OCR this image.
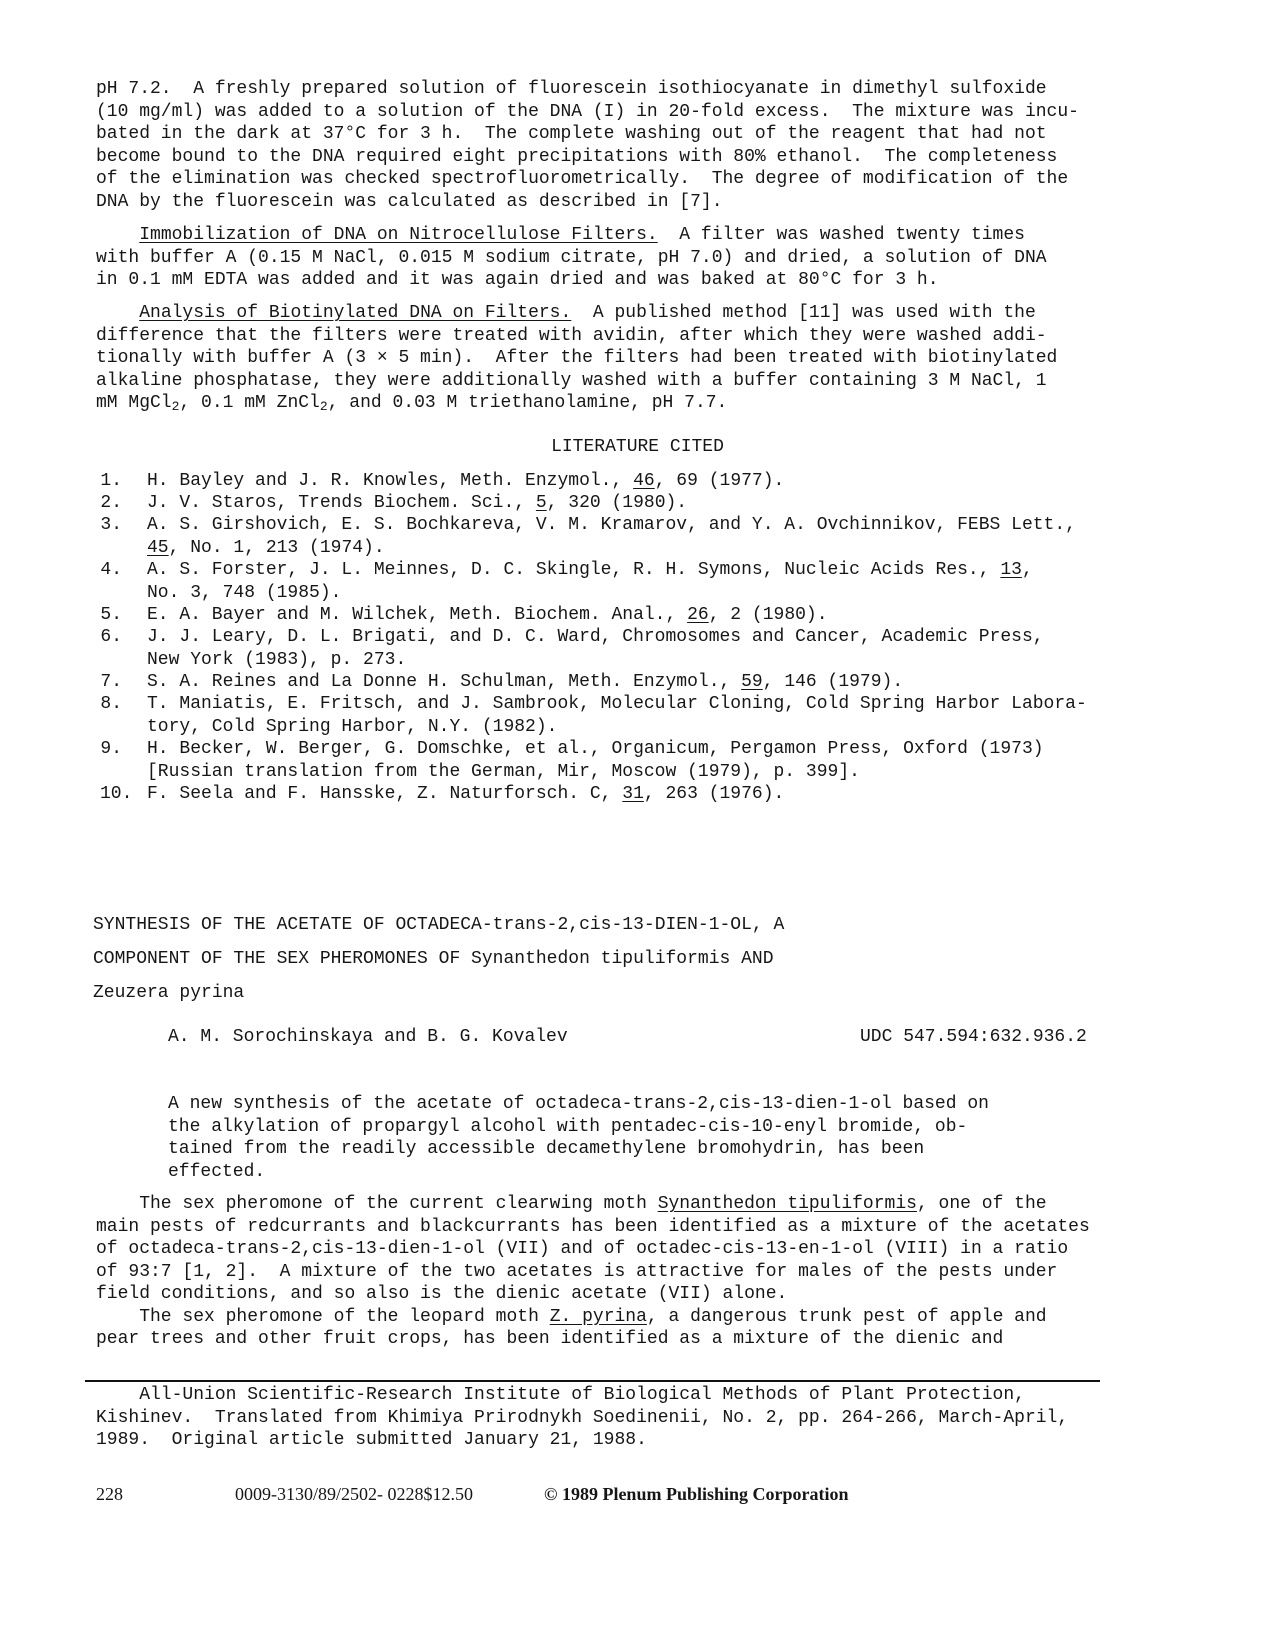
pH 7.2.  A freshly prepared solution of fluorescein isothiocyanate in dimethyl sulfoxide
(10 mg/ml) was added to a solution of the DNA (I) in 20-fold excess.  The mixture was incu-
bated in the dark at 37°C for 3 h.  The complete washing out of the reagent that had not
become bound to the DNA required eight precipitations with 80% ethanol.  The completeness
of the elimination was checked spectrofluorometrically.  The degree of modification of the
DNA by the fluorescein was calculated as described in [7].
Immobilization of DNA on Nitrocellulose Filters.  A filter was washed twenty times
with buffer A (0.15 M NaCl, 0.015 M sodium citrate, pH 7.0) and dried, a solution of DNA
in 0.1 mM EDTA was added and it was again dried and was baked at 80°C for 3 h.
Analysis of Biotinylated DNA on Filters.  A published method [11] was used with the
difference that the filters were treated with avidin, after which they were washed addi-
tionally with buffer A (3 × 5 min).  After the filters had been treated with biotinylated
alkaline phosphatase, they were additionally washed with a buffer containing 3 M NaCl, 1
mM MgCl$_2$, 0.1 mM ZnCl$_2$, and 0.03 M triethanolamine, pH 7.7.
LITERATURE CITED
1. H. Bayley and J. R. Knowles, Meth. Enzymol., 46, 69 (1977).
2. J. V. Staros, Trends Biochem. Sci., 5, 320 (1980).
3. A. S. Girshovich, E. S. Bochkareva, V. M. Kramarov, and Y. A. Ovchinnikov, FEBS Lett.,
45, No. 1, 213 (1974).
4. A. S. Forster, J. L. Meinnes, D. C. Skingle, R. H. Symons, Nucleic Acids Res., 13,
No. 3, 748 (1985).
5. E. A. Bayer and M. Wilchek, Meth. Biochem. Anal., 26, 2 (1980).
6. J. J. Leary, D. L. Brigati, and D. C. Ward, Chromosomes and Cancer, Academic Press,
New York (1983), p. 273.
7. S. A. Reines and La Donne H. Schulman, Meth. Enzymol., 59, 146 (1979).
8. T. Maniatis, E. Fritsch, and J. Sambrook, Molecular Cloning, Cold Spring Harbor Labora-
tory, Cold Spring Harbor, N.Y. (1982).
9. H. Becker, W. Berger, G. Domschke, et al., Organicum, Pergamon Press, Oxford (1973)
[Russian translation from the German, Mir, Moscow (1979), p. 399].
10. F. Seela and F. Hansske, Z. Naturforsch. C, 31, 263 (1976).
SYNTHESIS OF THE ACETATE OF OCTADECA-trans-2,cis-13-DIEN-1-OL, A
COMPONENT OF THE SEX PHEROMONES OF Synanthedon tipuliformis AND
Zeuzera pyrina
A. M. Sorochinskaya and B. G. Kovalev	UDC 547.594:632.936.2
A new synthesis of the acetate of octadeca-trans-2,cis-13-dien-1-ol based on
the alkylation of propargyl alcohol with pentadec-cis-10-enyl bromide, ob-
tained from the readily accessible decamethylene bromohydrin, has been
effected.
The sex pheromone of the current clearwing moth Synanthedon tipuliformis, one of the
main pests of redcurrants and blackcurrants has been identified as a mixture of the acetates
of octadeca-trans-2,cis-13-dien-1-ol (VII) and of octadec-cis-13-en-1-ol (VIII) in a ratio
of 93:7 [1, 2].  A mixture of the two acetates is attractive for males of the pests under
field conditions, and so also is the dienic acetate (VII) alone.
The sex pheromone of the leopard moth Z. pyrina, a dangerous trunk pest of apple and
pear trees and other fruit crops, has been identified as a mixture of the dienic and
All-Union Scientific-Research Institute of Biological Methods of Plant Protection,
Kishinev.  Translated from Khimiya Prirodnykh Soedinenii, No. 2, pp. 264-266, March-April,
1989.  Original article submitted January 21, 1988.
228	0009-3130/89/2502- 0228$12.50	© 1989 Plenum Publishing Corporation
